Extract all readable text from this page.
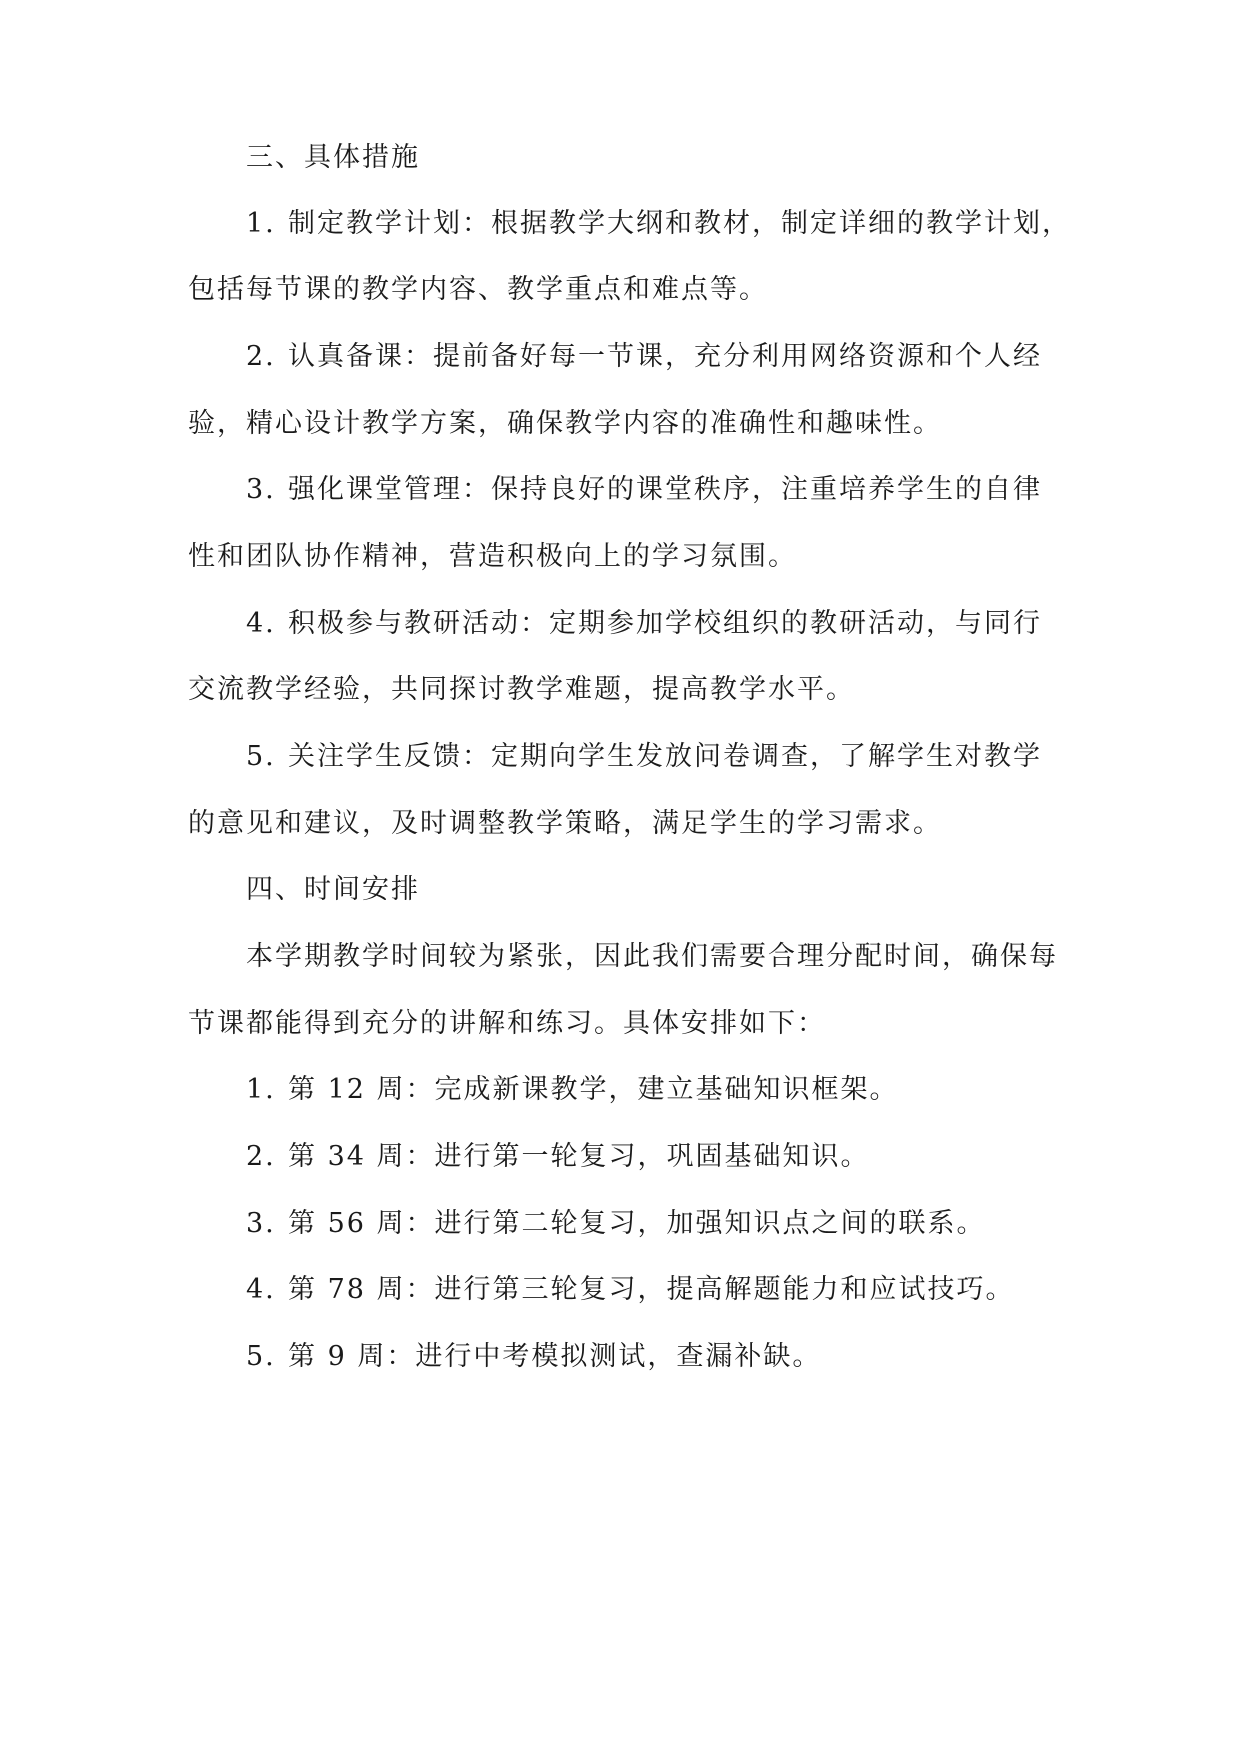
三、具体措施
1. 制定教学计划：根据教学大纲和教材，制定详细的教学计划，
包括每节课的教学内容、教学重点和难点等。
2. 认真备课：提前备好每一节课，充分利用网络资源和个人经
验，精心设计教学方案，确保教学内容的准确性和趣味性。
3. 强化课堂管理：保持良好的课堂秩序，注重培养学生的自律
性和团队协作精神，营造积极向上的学习氛围。
4. 积极参与教研活动：定期参加学校组织的教研活动，与同行
交流教学经验，共同探讨教学难题，提高教学水平。
5. 关注学生反馈：定期向学生发放问卷调查，了解学生对教学
的意见和建议，及时调整教学策略，满足学生的学习需求。
四、时间安排
本学期教学时间较为紧张，因此我们需要合理分配时间，确保每
节课都能得到充分的讲解和练习。具体安排如下：
1. 第 12 周：完成新课教学，建立基础知识框架。
2. 第 34 周：进行第一轮复习，巩固基础知识。
3. 第 56 周：进行第二轮复习，加强知识点之间的联系。
4. 第 78 周：进行第三轮复习，提高解题能力和应试技巧。
5. 第 9 周：进行中考模拟测试，查漏补缺。
